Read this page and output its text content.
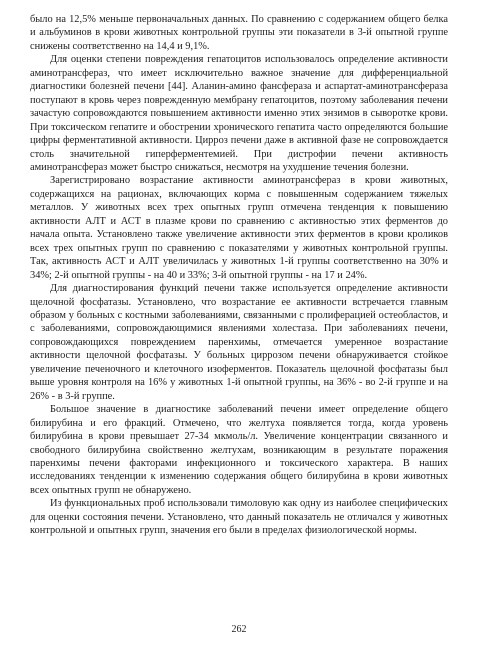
было на 12,5% меньше первоначальных данных. По сравнению с содержанием общего белка и альбуминов в крови животных контрольной группы эти показатели в 3-й опытной группе снижены соответственно на 14,4 и 9,1%.

Для оценки степени повреждения гепатоцитов использовалось определение активности аминотрансфераз, что имеет исключительно важное значение для дифференциальной диагностики болезней печени [44]. Аланин-амино фансфераза и аспартат-аминотрансфераза поступают в кровь через поврежденную мембрану гепатоцитов, поэтому заболевания печени зачастую сопровождаются повышением активности именно этих энзимов в сыворотке крови. При токсическом гепатите и обострении хронического гепатита часто определяются большие цифры ферментативной активности. Цирроз печени даже в активной фазе не сопровождается столь значительной гиперферментемией. При дистрофии печени активность аминотрансфераз может быстро снижаться, несмотря на ухудшение течения болезни.

Зарегистрировано возрастание активности аминотрансфераз в крови животных, содержащихся на рационах, включающих корма с повышенным содержанием тяжелых металлов. У животных всех трех опытных групп отмечена тенденция к повышению активности АЛТ и АСТ в плазме крови по сравнению с активностью этих ферментов до начала опыта. Установлено также увеличение активности этих ферментов в крови кроликов всех трех опытных групп по сравнению с показателями у животных контрольной группы. Так, активность АСТ и АЛТ увеличилась у животных 1-й группы соответственно на 30% и 34%; 2-й опытной группы - на 40 и 33%; 3-й опытной группы - на 17 и 24%.

Для диагностирования функций печени также используется определение активности щелочной фосфатазы. Установлено, что возрастание ее активности встречается главным образом у больных с костными заболеваниями, связанными с пролиферацией остеобластов, и с заболеваниями, сопровождающимися явлениями холестаза. При заболеваниях печени, сопровождающихся повреждением паренхимы, отмечается умеренное возрастание активности щелочной фосфатазы. У больных циррозом печени обнаруживается стойкое увеличение печеночного и клеточного изоферментов. Показатель щелочной фосфатазы был выше уровня контроля на 16% у животных 1-й опытной группы, на 36% - во 2-й группе и на 26% - в 3-й группе.

Большое значение в диагностике заболеваний печени имеет определение общего билирубина и его фракций. Отмечено, что желтуха появляется тогда, когда уровень билирубина в крови превышает 27-34 мкмоль/л. Увеличение концентрации связанного и свободного билирубина свойственно желтухам, возникающим в результате поражения паренхимы печени факторами инфекционного и токсического характера. В наших исследованиях тенденции к изменению содержания общего билирубина в крови животных всех опытных групп не обнаружено.

Из функциональных проб использовали тимоловую как одну из наиболее специфических для оценки состояния печени. Установлено, что данный показатель не отличался у животных контрольной и опытных групп, значения его были в пределах физиологической нормы.

262
